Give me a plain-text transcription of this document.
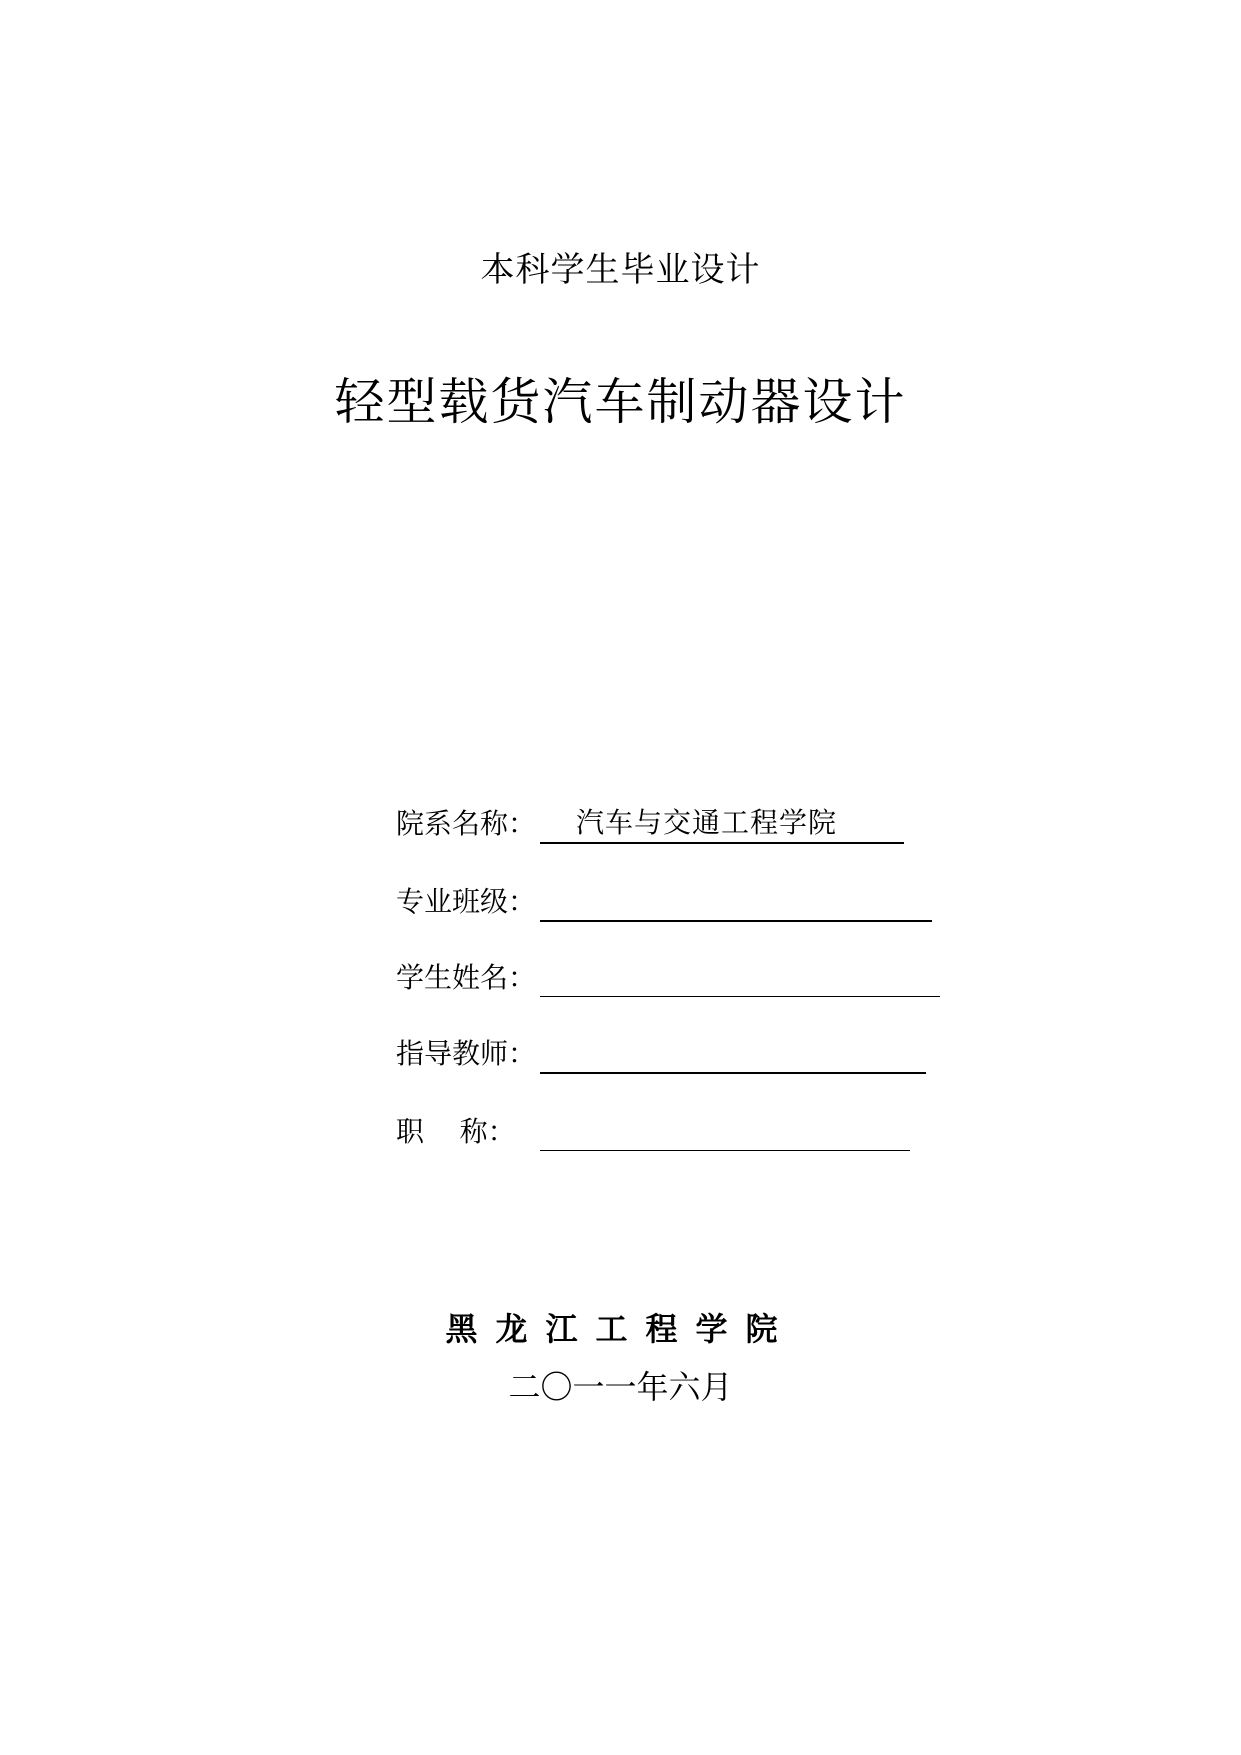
本科学生毕业设计
轻型载货汽车制动器设计
院系名称： 汽车与交通工程学院
专业班级：
学生姓名：
指导教师：
职    称：
黑龙江工程学院
二〇一一年六月
